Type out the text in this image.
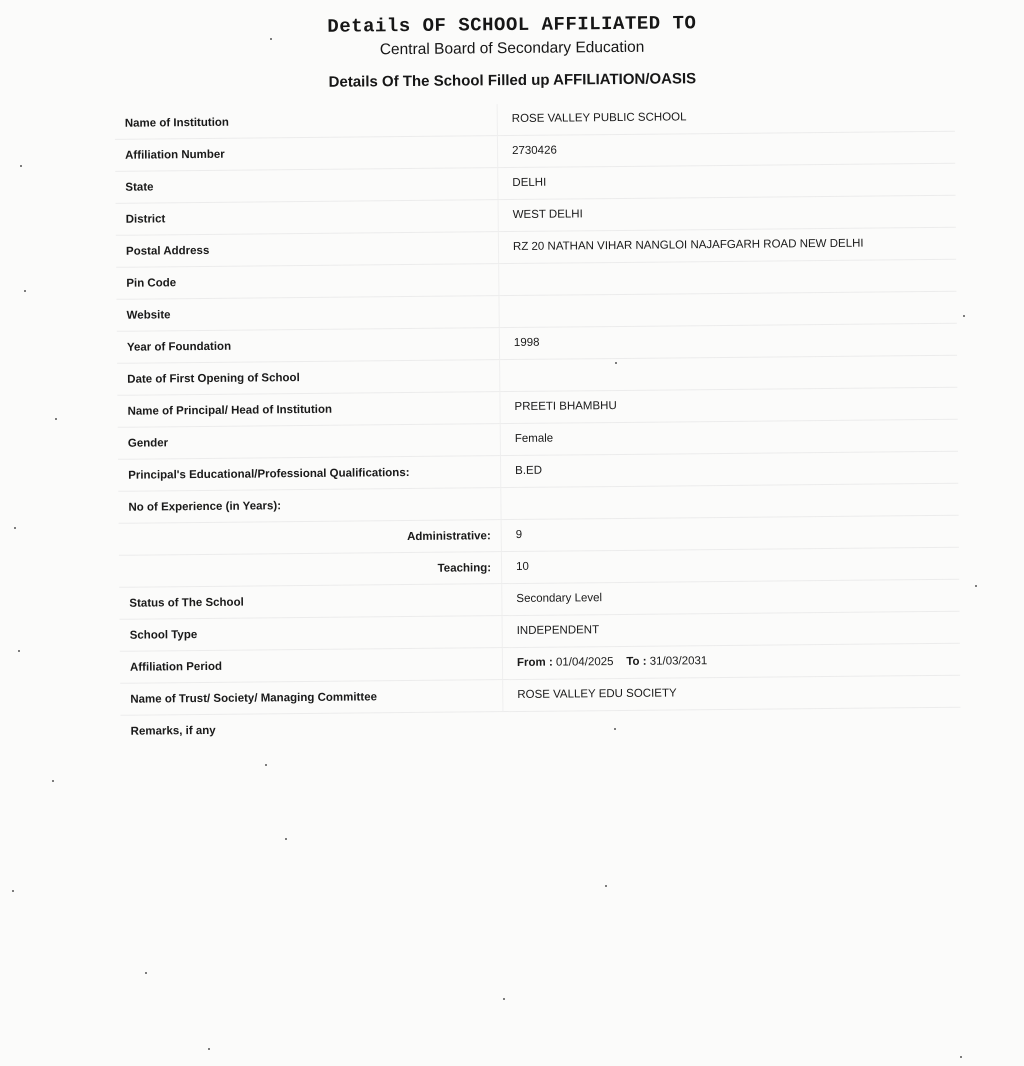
Details OF SCHOOL AFFILIATED TO
Central Board of Secondary Education
Details Of The School Filled up AFFILIATION/OASIS
Name of Institution	ROSE VALLEY PUBLIC SCHOOL
Affiliation Number	2730426
State	DELHI
District	WEST DELHI
Postal Address	RZ 20 NATHAN VIHAR NANGLOI NAJAFGARH ROAD NEW DELHI
Pin Code
Website
Year of Foundation	1998
Date of First Opening of School
Name of Principal/ Head of Institution	PREETI BHAMBHU
Gender	Female
Principal's Educational/Professional Qualifications:	B.ED
No of Experience (in Years):
Administrative:	9
Teaching:	10
Status of The School	Secondary Level
School Type	INDEPENDENT
Affiliation Period	From : 01/04/2025 To : 31/03/2031
Name of Trust/ Society/ Managing Committee	ROSE VALLEY EDU SOCIETY
Remarks, if any
